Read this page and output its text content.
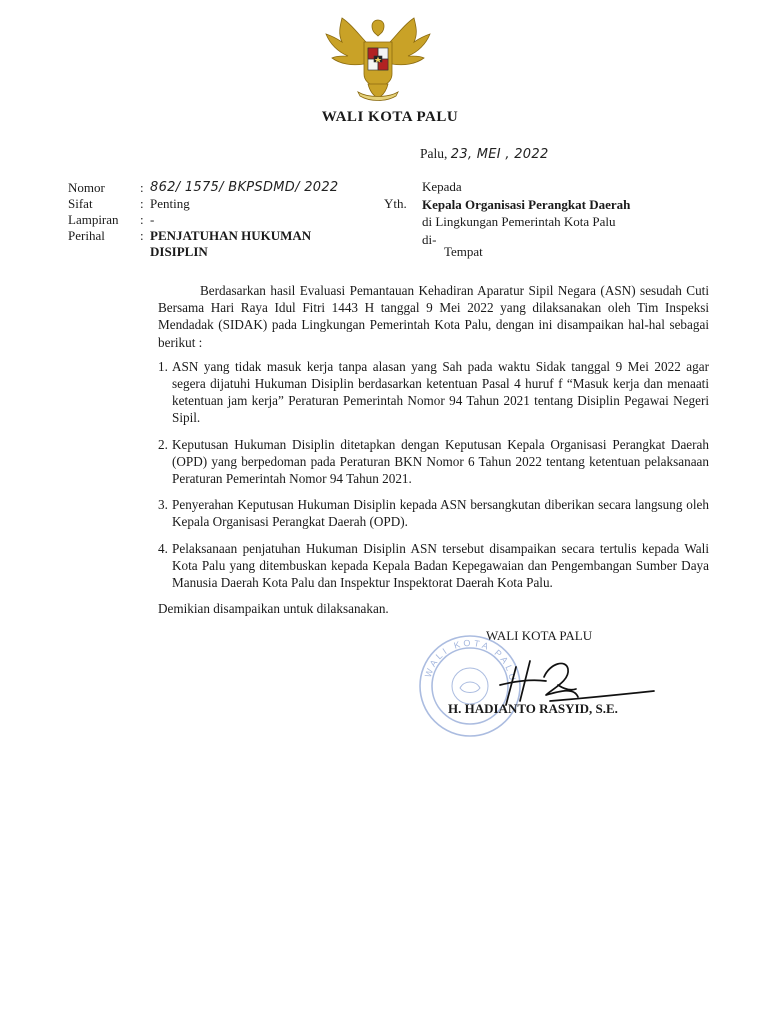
WALI KOTA PALU
Palu, 23, MEI , 2022
Nomor	: 862/ 1575/ BKPSDMD/ 2022
Sifat	: Penting
Lampiran	: -
Perihal	: PENJATUHAN HUKUMAN
DISIPLIN
Yth.
Kepada
Kepala Organisasi Perangkat Daerah
di Lingkungan Pemerintah Kota Palu
di-
Tempat

Berdasarkan hasil Evaluasi Pemantauan Kehadiran Aparatur Sipil Negara (ASN) sesudah Cuti Bersama Hari Raya Idul Fitri 1443 H tanggal 9 Mei 2022 yang dilaksanakan oleh Tim Inspeksi Mendadak (SIDAK) pada Lingkungan Pemerintah Kota Palu, dengan ini disampaikan hal-hal sebagai berikut :

1. ASN yang tidak masuk kerja tanpa alasan yang Sah pada waktu Sidak tanggal 9 Mei 2022 agar segera dijatuhi Hukuman Disiplin berdasarkan ketentuan Pasal 4 huruf f “Masuk kerja dan menaati ketentuan jam kerja” Peraturan Pemerintah Nomor 94 Tahun 2021 tentang Disiplin Pegawai Negeri Sipil.
2. Keputusan Hukuman Disiplin ditetapkan dengan Keputusan Kepala Organisasi Perangkat Daerah (OPD) yang berpedoman pada Peraturan BKN Nomor 6 Tahun 2022 tentang ketentuan pelaksanaan Peraturan Pemerintah Nomor 94 Tahun 2021.
3. Penyerahan Keputusan Hukuman Disiplin kepada ASN bersangkutan diberikan secara langsung oleh Kepala Organisasi Perangkat Daerah (OPD).
4. Pelaksanaan penjatuhan Hukuman Disiplin ASN tersebut disampaikan secara tertulis kepada Wali Kota Palu yang ditembuskan kepada Kepala Badan Kepegawaian dan Pengembangan Sumber Daya Manusia Daerah Kota Palu dan Inspektur Inspektorat Daerah Kota Palu.
Demikian disampaikan untuk dilaksanakan.
WALI KOTA PALU
WALI KOTA PALU
H. HADIANTO RASYID, S.E.
